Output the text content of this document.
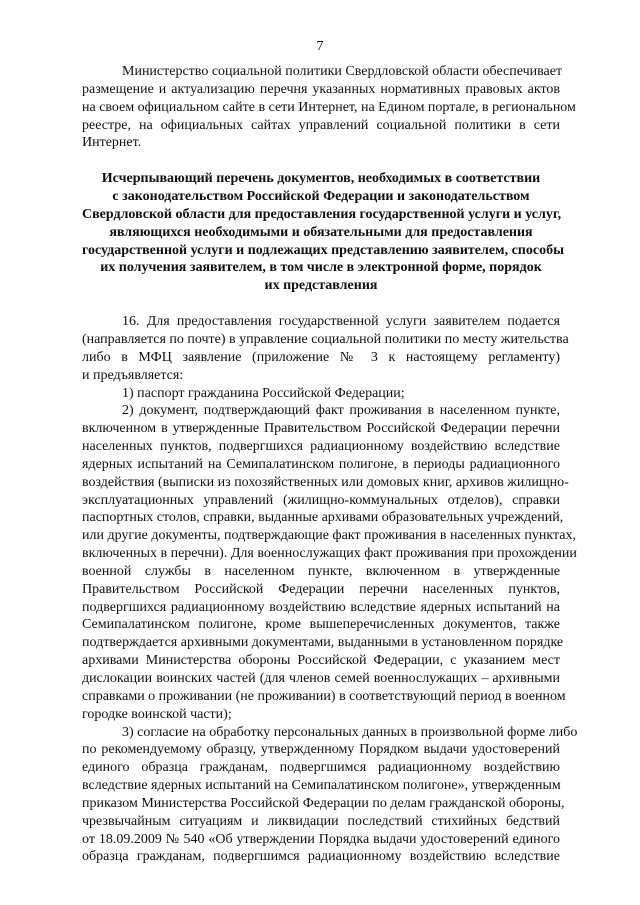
7
Министерство социальной политики Свердловской области обеспечивает
размещение и актуализацию перечня указанных нормативных правовых актов
на своем официальном сайте в сети Интернет, на Едином портале, в региональном
реестре, на официальных сайтах управлений социальной политики в сети
Интернет.
Исчерпывающий перечень документов, необходимых в соответствии
с законодательством Российской Федерации и законодательством
Свердловской области для предоставления государственной услуги и услуг,
являющихся необходимыми и обязательными для предоставления
государственной услуги и подлежащих представлению заявителем, способы
их получения заявителем, в том числе в электронной форме, порядок
их представления
16. Для предоставления государственной услуги заявителем подается
(направляется по почте) в управление социальной политики по месту жительства
либо в МФЦ заявление (приложение № 3 к настоящему регламенту)
и предъявляется:
1) паспорт гражданина Российской Федерации;
2) документ, подтверждающий факт проживания в населенном пункте,
включенном в утвержденные Правительством Российской Федерации перечни
населенных пунктов, подвергшихся радиационному воздействию вследствие
ядерных испытаний на Семипалатинском полигоне, в периоды радиационного
воздействия (выписки из похозяйственных или домовых книг, архивов жилищно-
эксплуатационных управлений (жилищно-коммунальных отделов), справки
паспортных столов, справки, выданные архивами образовательных учреждений,
или другие документы, подтверждающие факт проживания в населенных пунктах,
включенных в перечни). Для военнослужащих факт проживания при прохождении
военной службы в населенном пункте, включенном в утвержденные
Правительством Российской Федерации перечни населенных пунктов,
подвергшихся радиационному воздействию вследствие ядерных испытаний на
Семипалатинском полигоне, кроме вышеперечисленных документов, также
подтверждается архивными документами, выданными в установленном порядке
архивами Министерства обороны Российской Федерации, с указанием мест
дислокации воинских частей (для членов семей военнослужащих – архивными
справками о проживании (не проживании) в соответствующий период в военном
городке воинской части);
3) согласие на обработку персональных данных в произвольной форме либо
по рекомендуемому образцу, утвержденному Порядком выдачи удостоверений
единого образца гражданам, подвергшимся радиационному воздействию
вследствие ядерных испытаний на Семипалатинском полигоне», утвержденным
приказом Министерства Российской Федерации по делам гражданской обороны,
чрезвычайным ситуациям и ликвидации последствий стихийных бедствий
от 18.09.2009 № 540 «Об утверждении Порядка выдачи удостоверений единого
образца гражданам, подвергшимся радиационному воздействию вследствие
